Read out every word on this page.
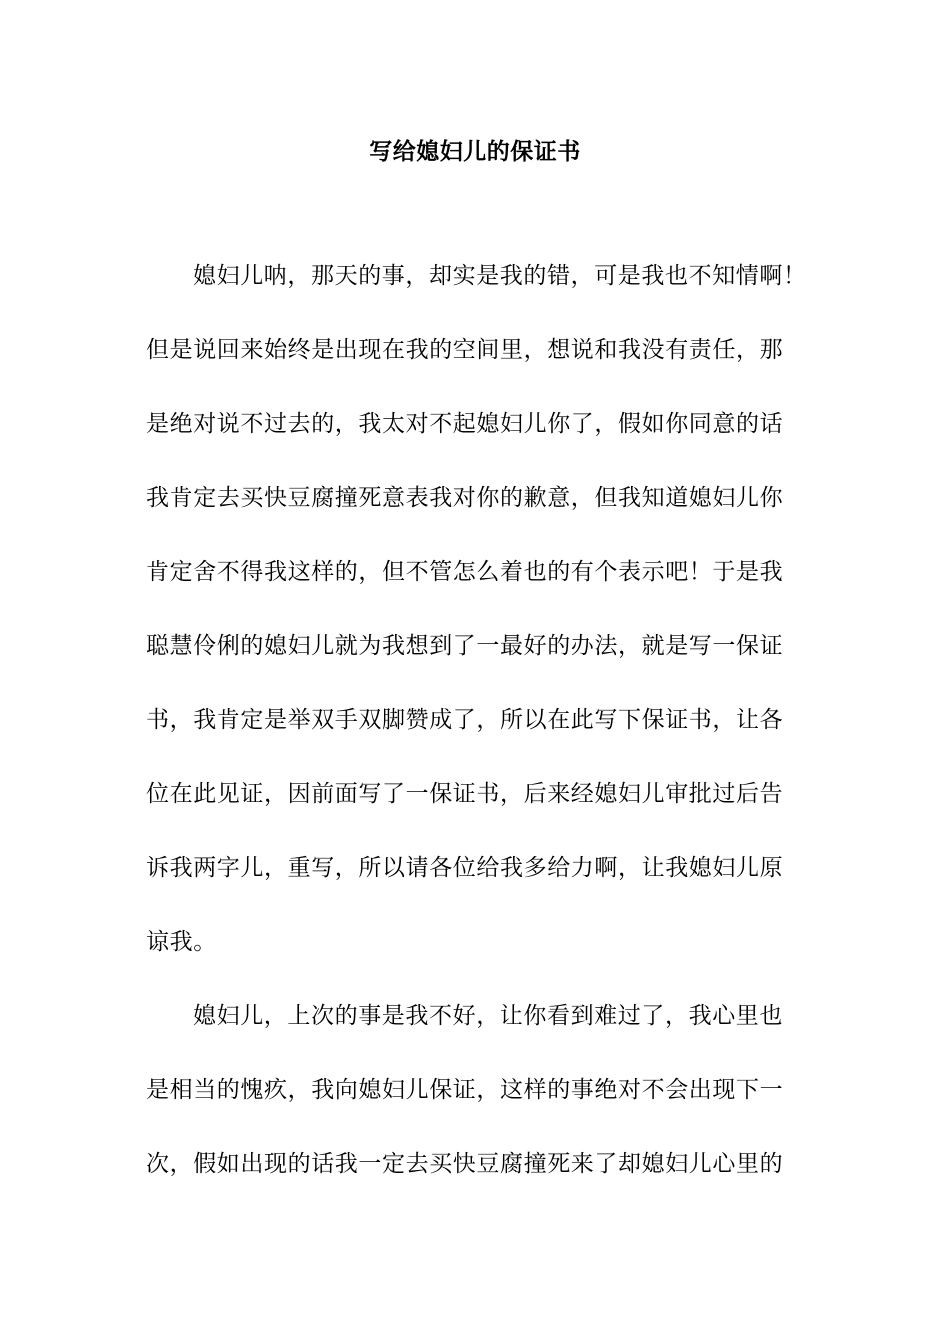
写给媳妇儿的保证书
媳妇儿呐，那天的事，却实是我的错，可是我也不知情啊！
但是说回来始终是出现在我的空间里，想说和我没有责任，那
是绝对说不过去的，我太对不起媳妇儿你了，假如你同意的话
我肯定去买快豆腐撞死意表我对你的歉意，但我知道媳妇儿你
肯定舍不得我这样的，但不管怎么着也的有个表示吧！于是我
聪慧伶俐的媳妇儿就为我想到了一最好的办法，就是写一保证
书，我肯定是举双手双脚赞成了，所以在此写下保证书，让各
位在此见证，因前面写了一保证书，后来经媳妇儿审批过后告
诉我两字儿，重写，所以请各位给我多给力啊，让我媳妇儿原
谅我。
媳妇儿，上次的事是我不好，让你看到难过了，我心里也
是相当的愧疚，我向媳妇儿保证，这样的事绝对不会出现下一
次，假如出现的话我一定去买快豆腐撞死来了却媳妇儿心里的
